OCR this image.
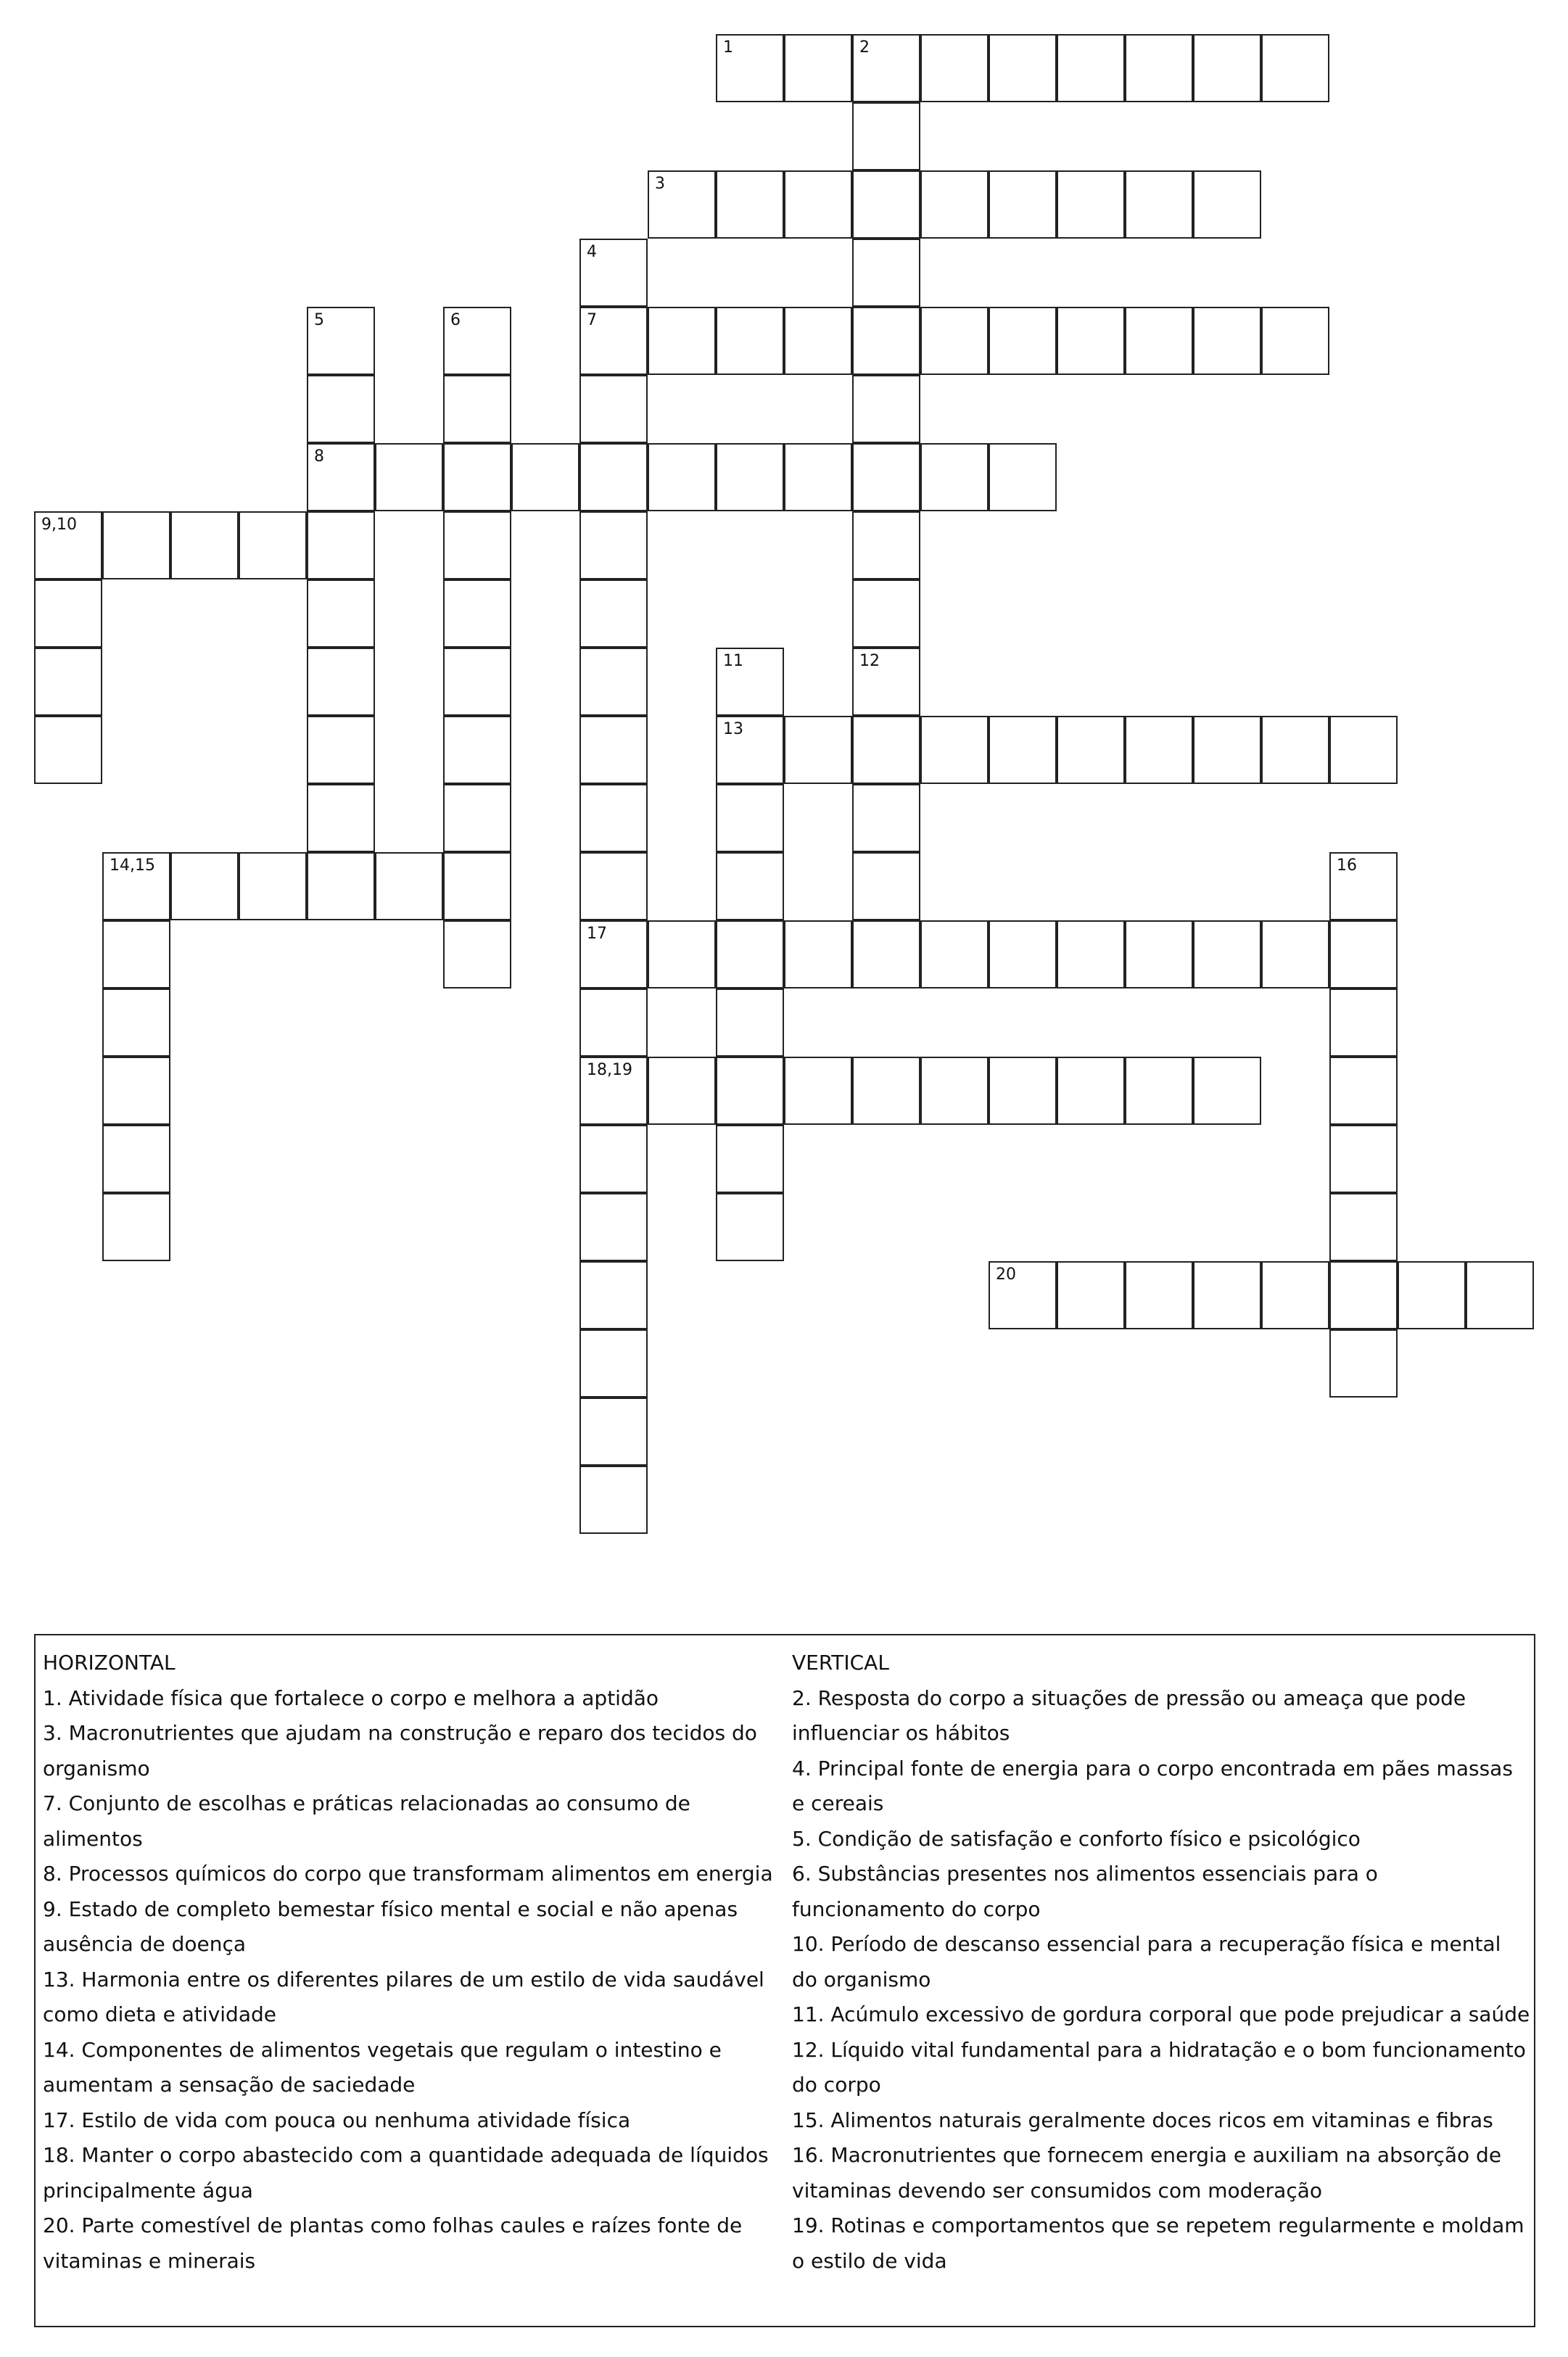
1	2
3
4
7
17
5
8
6
9,10
11
13
12
14,15	16
18,19
20
HORIZONTAL
1. Atividade física que fortalece o corpo e melhora a aptidão
3. Macronutrientes que ajudam na construção e reparo dos tecidos do organismo
7. Conjunto de escolhas e práticas relacionadas ao consumo de alimentos
8. Processos químicos do corpo que transformam alimentos em energia
9. Estado de completo bemestar físico mental e social e não apenas ausência de doença
13. Harmonia entre os diferentes pilares de um estilo de vida saudável como dieta e atividade
14. Componentes de alimentos vegetais que regulam o intestino e aumentam a sensação de saciedade
17. Estilo de vida com pouca ou nenhuma atividade física
18. Manter o corpo abastecido com a quantidade adequada de líquidos principalmente água
20. Parte comestível de plantas como folhas caules e raízes fonte de vitaminas e minerais
VERTICAL
2. Resposta do corpo a situações de pressão ou ameaça que pode influenciar os hábitos
4. Principal fonte de energia para o corpo encontrada em pães massas e cereais
5. Condição de satisfação e conforto físico e psicológico
6. Substâncias presentes nos alimentos essenciais para o funcionamento do corpo
10. Período de descanso essencial para a recuperação física e mental do organismo
11. Acúmulo excessivo de gordura corporal que pode prejudicar a saúde
12. Líquido vital fundamental para a hidratação e o bom funcionamento do corpo
15. Alimentos naturais geralmente doces ricos em vitaminas e fibras
16. Macronutrientes que fornecem energia e auxiliam na absorção de vitaminas devendo ser consumidos com moderação
19. Rotinas e comportamentos que se repetem regularmente e moldam o estilo de vida
